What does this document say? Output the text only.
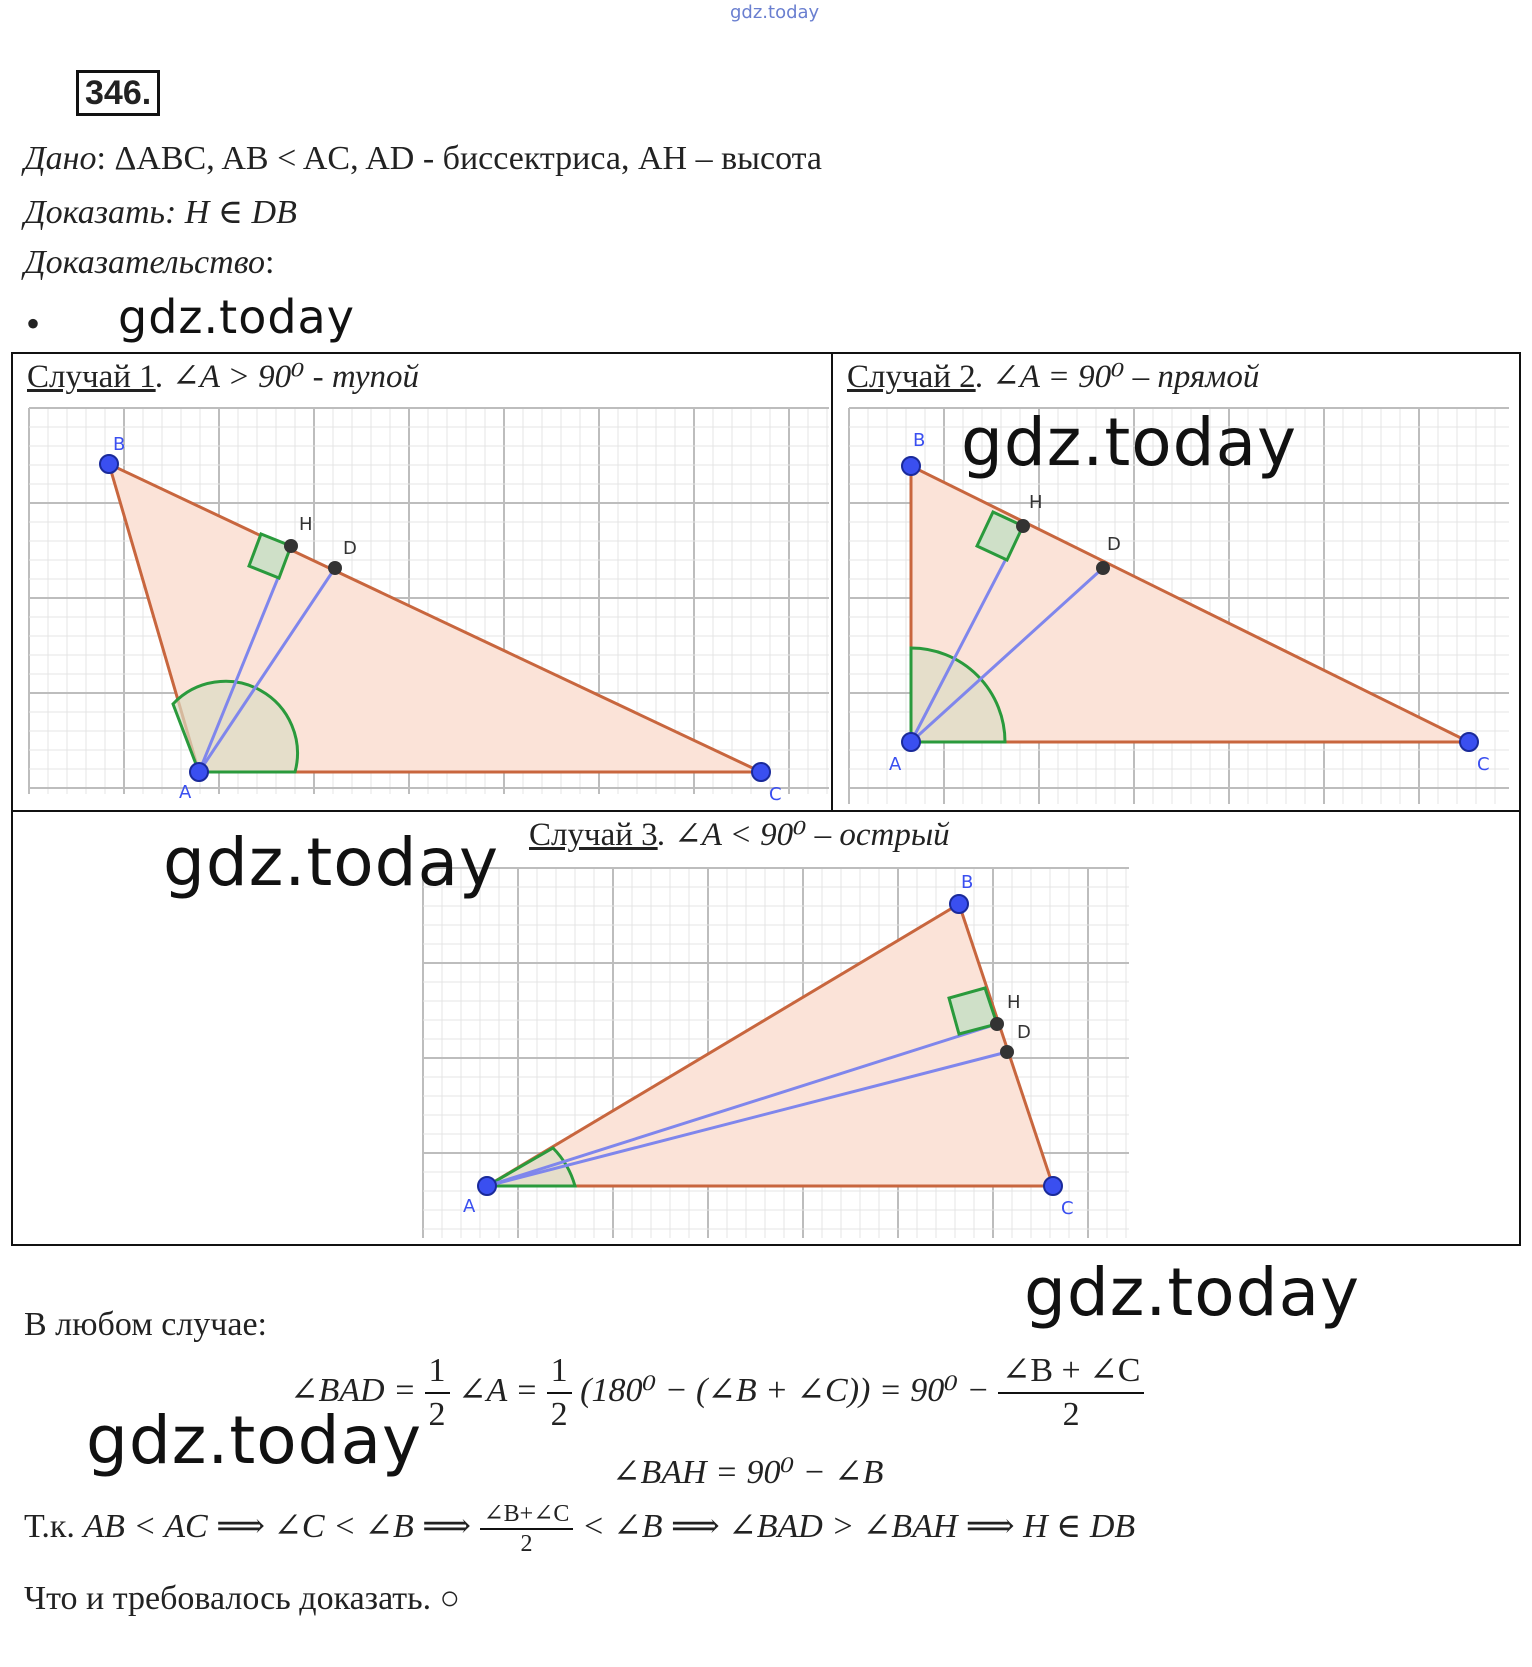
gdz.today
346.
Дано: ΔABC, AB < AC, AD - биссектриса, AH – высота
Доказать: H ∈ DB
Доказательство:
• gdz.today
Случай 1. ∠A > 90⁰ - тупой
B
A	C
H
D
Случай 2. ∠A = 90⁰ – прямой
B
A	C
H
D
gdz.today
Случай 3. ∠A < 90⁰ – острый
B
A	C
H
D
gdz.today
gdz.today
В любом случае:
∠BAD = $\frac{1}{2}$ ∠A = $\frac{1}{2} (180^0$ − (∠B + ∠C)) = $90^0 - \frac{\angle B + \angle C}{2}$
gdz.today	∠BAH = 90⁰ − ∠B
Т.к. AB < AC ⟹ ∠C < ∠B ⟹ $\frac{\angle B+\angle C}{2}$ < ∠B ⟹ ∠BAD > ∠BAH ⟹ H ∈ DB
Что и требовалось доказать. ○
